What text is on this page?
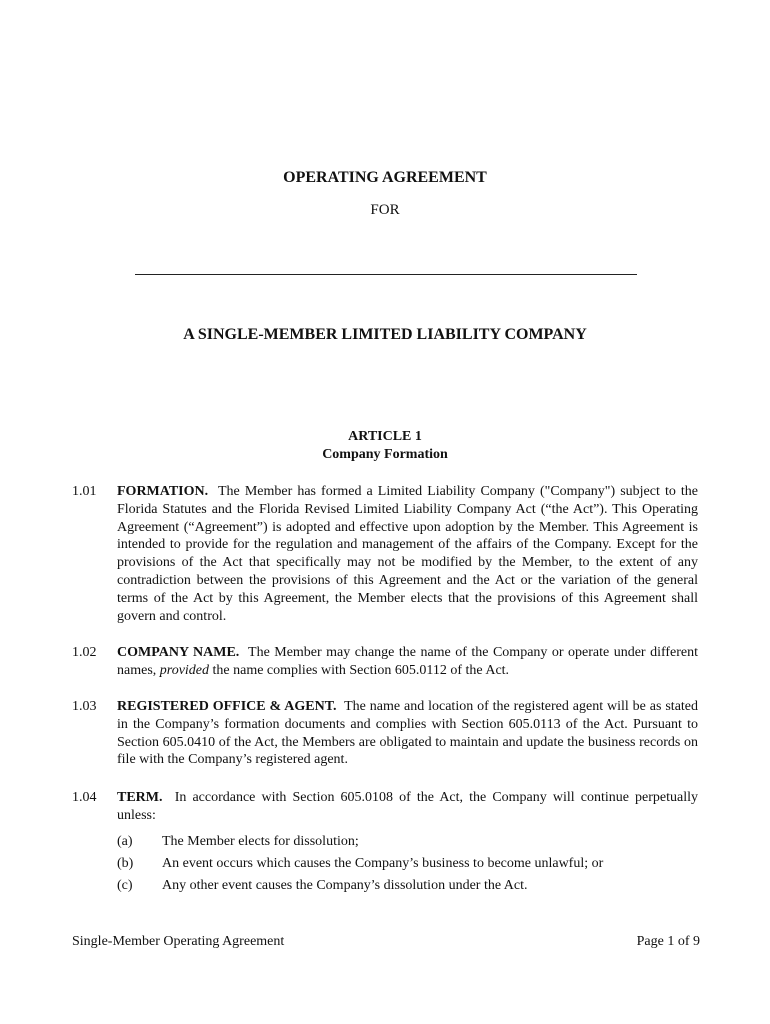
OPERATING AGREEMENT
FOR
A SINGLE-MEMBER LIMITED LIABILITY COMPANY
ARTICLE 1
Company Formation
1.01	FORMATION. The Member has formed a Limited Liability Company ("Company") subject to the Florida Statutes and the Florida Revised Limited Liability Company Act (“the Act”). This Operating Agreement (“Agreement”) is adopted and effective upon adoption by the Member. This Agreement is intended to provide for the regulation and management of the affairs of the Company. Except for the provisions of the Act that specifically may not be modified by the Member, to the extent of any contradiction between the provisions of this Agreement and the Act or the variation of the general terms of the Act by this Agreement, the Member elects that the provisions of this Agreement shall govern and control.
1.02	COMPANY NAME. The Member may change the name of the Company or operate under different names, provided the name complies with Section 605.0112 of the Act.
1.03	REGISTERED OFFICE & AGENT. The name and location of the registered agent will be as stated in the Company’s formation documents and complies with Section 605.0113 of the Act. Pursuant to Section 605.0410 of the Act, the Members are obligated to maintain and update the business records on file with the Company’s registered agent.
1.04	TERM. In accordance with Section 605.0108 of the Act, the Company will continue perpetually unless:
(a) The Member elects for dissolution;
(b) An event occurs which causes the Company’s business to become unlawful; or
(c) Any other event causes the Company’s dissolution under the Act.
Single-Member Operating Agreement	Page 1 of 9
